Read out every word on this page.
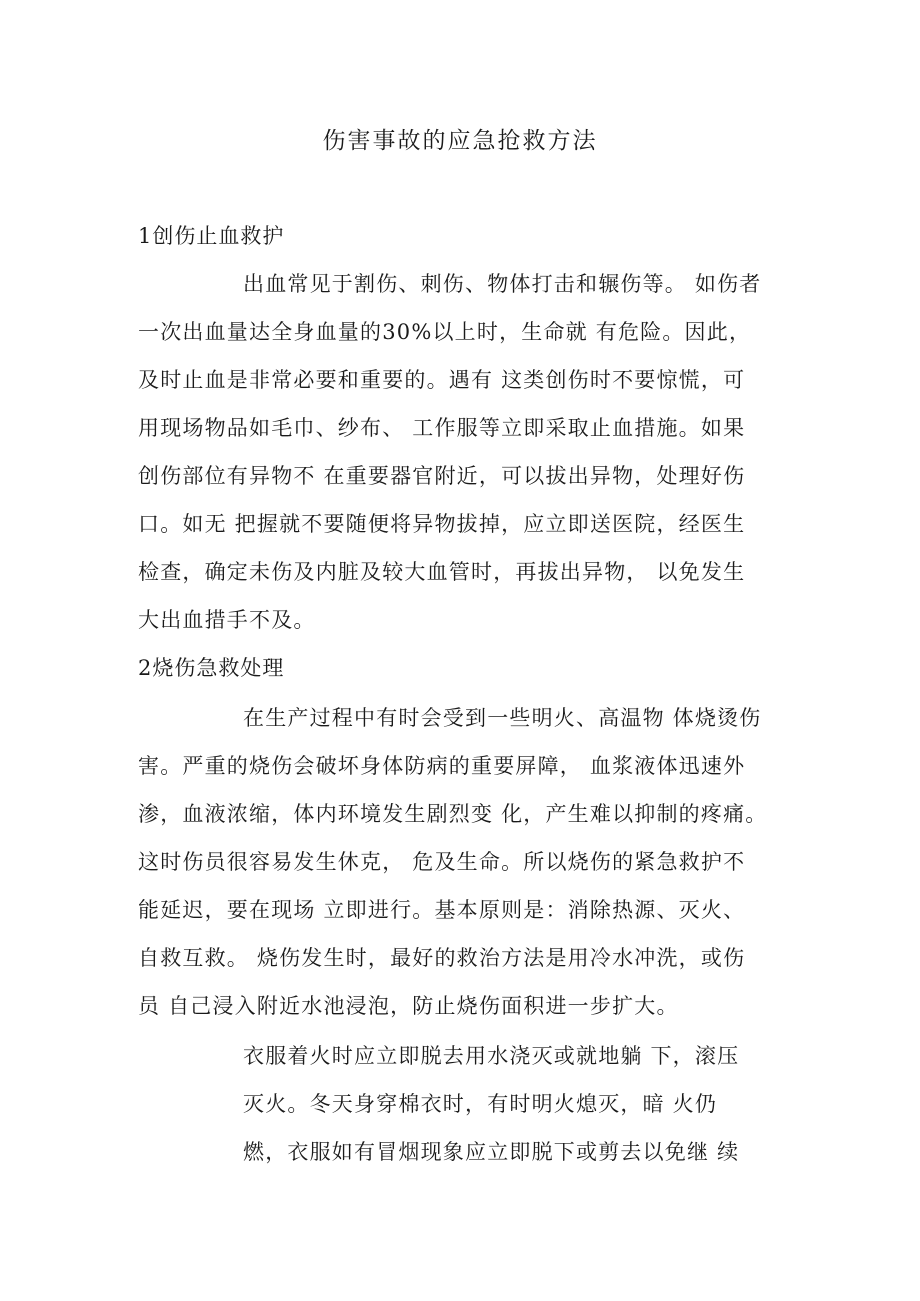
伤害事故的应急抢救方法
1创伤止血救护
出血常见于割伤、刺伤、物体打击和辗伤等。 如伤者
一次出血量达全身血量的30%以上时，生命就 有危险。因此，
及时止血是非常必要和重要的。遇有 这类创伤时不要惊慌，可
用现场物品如毛巾、纱布、 工作服等立即采取止血措施。如果
创伤部位有异物不 在重要器官附近，可以拔出异物，处理好伤
口。如无 把握就不要随便将异物拔掉，应立即送医院，经医生
检查，确定未伤及内脏及较大血管时，再拔出异物， 以免发生
大出血措手不及。
2烧伤急救处理
在生产过程中有时会受到一些明火、高温物 体烧烫伤
害。严重的烧伤会破坏身体防病的重要屏障， 血浆液体迅速外
渗，血液浓缩，体内环境发生剧烈变 化，产生难以抑制的疼痛。
这时伤员很容易发生休克， 危及生命。所以烧伤的紧急救护不
能延迟，要在现场 立即进行。基本原则是：消除热源、灭火、
自救互救。 烧伤发生时，最好的救治方法是用冷水冲洗，或伤
员 自己浸入附近水池浸泡，防止烧伤面积进一步扩大。
衣服着火时应立即脱去用水浇灭或就地躺 下，滚压
灭火。冬天身穿棉衣时，有时明火熄灭，暗 火仍
燃，衣服如有冒烟现象应立即脱下或剪去以免继 续
